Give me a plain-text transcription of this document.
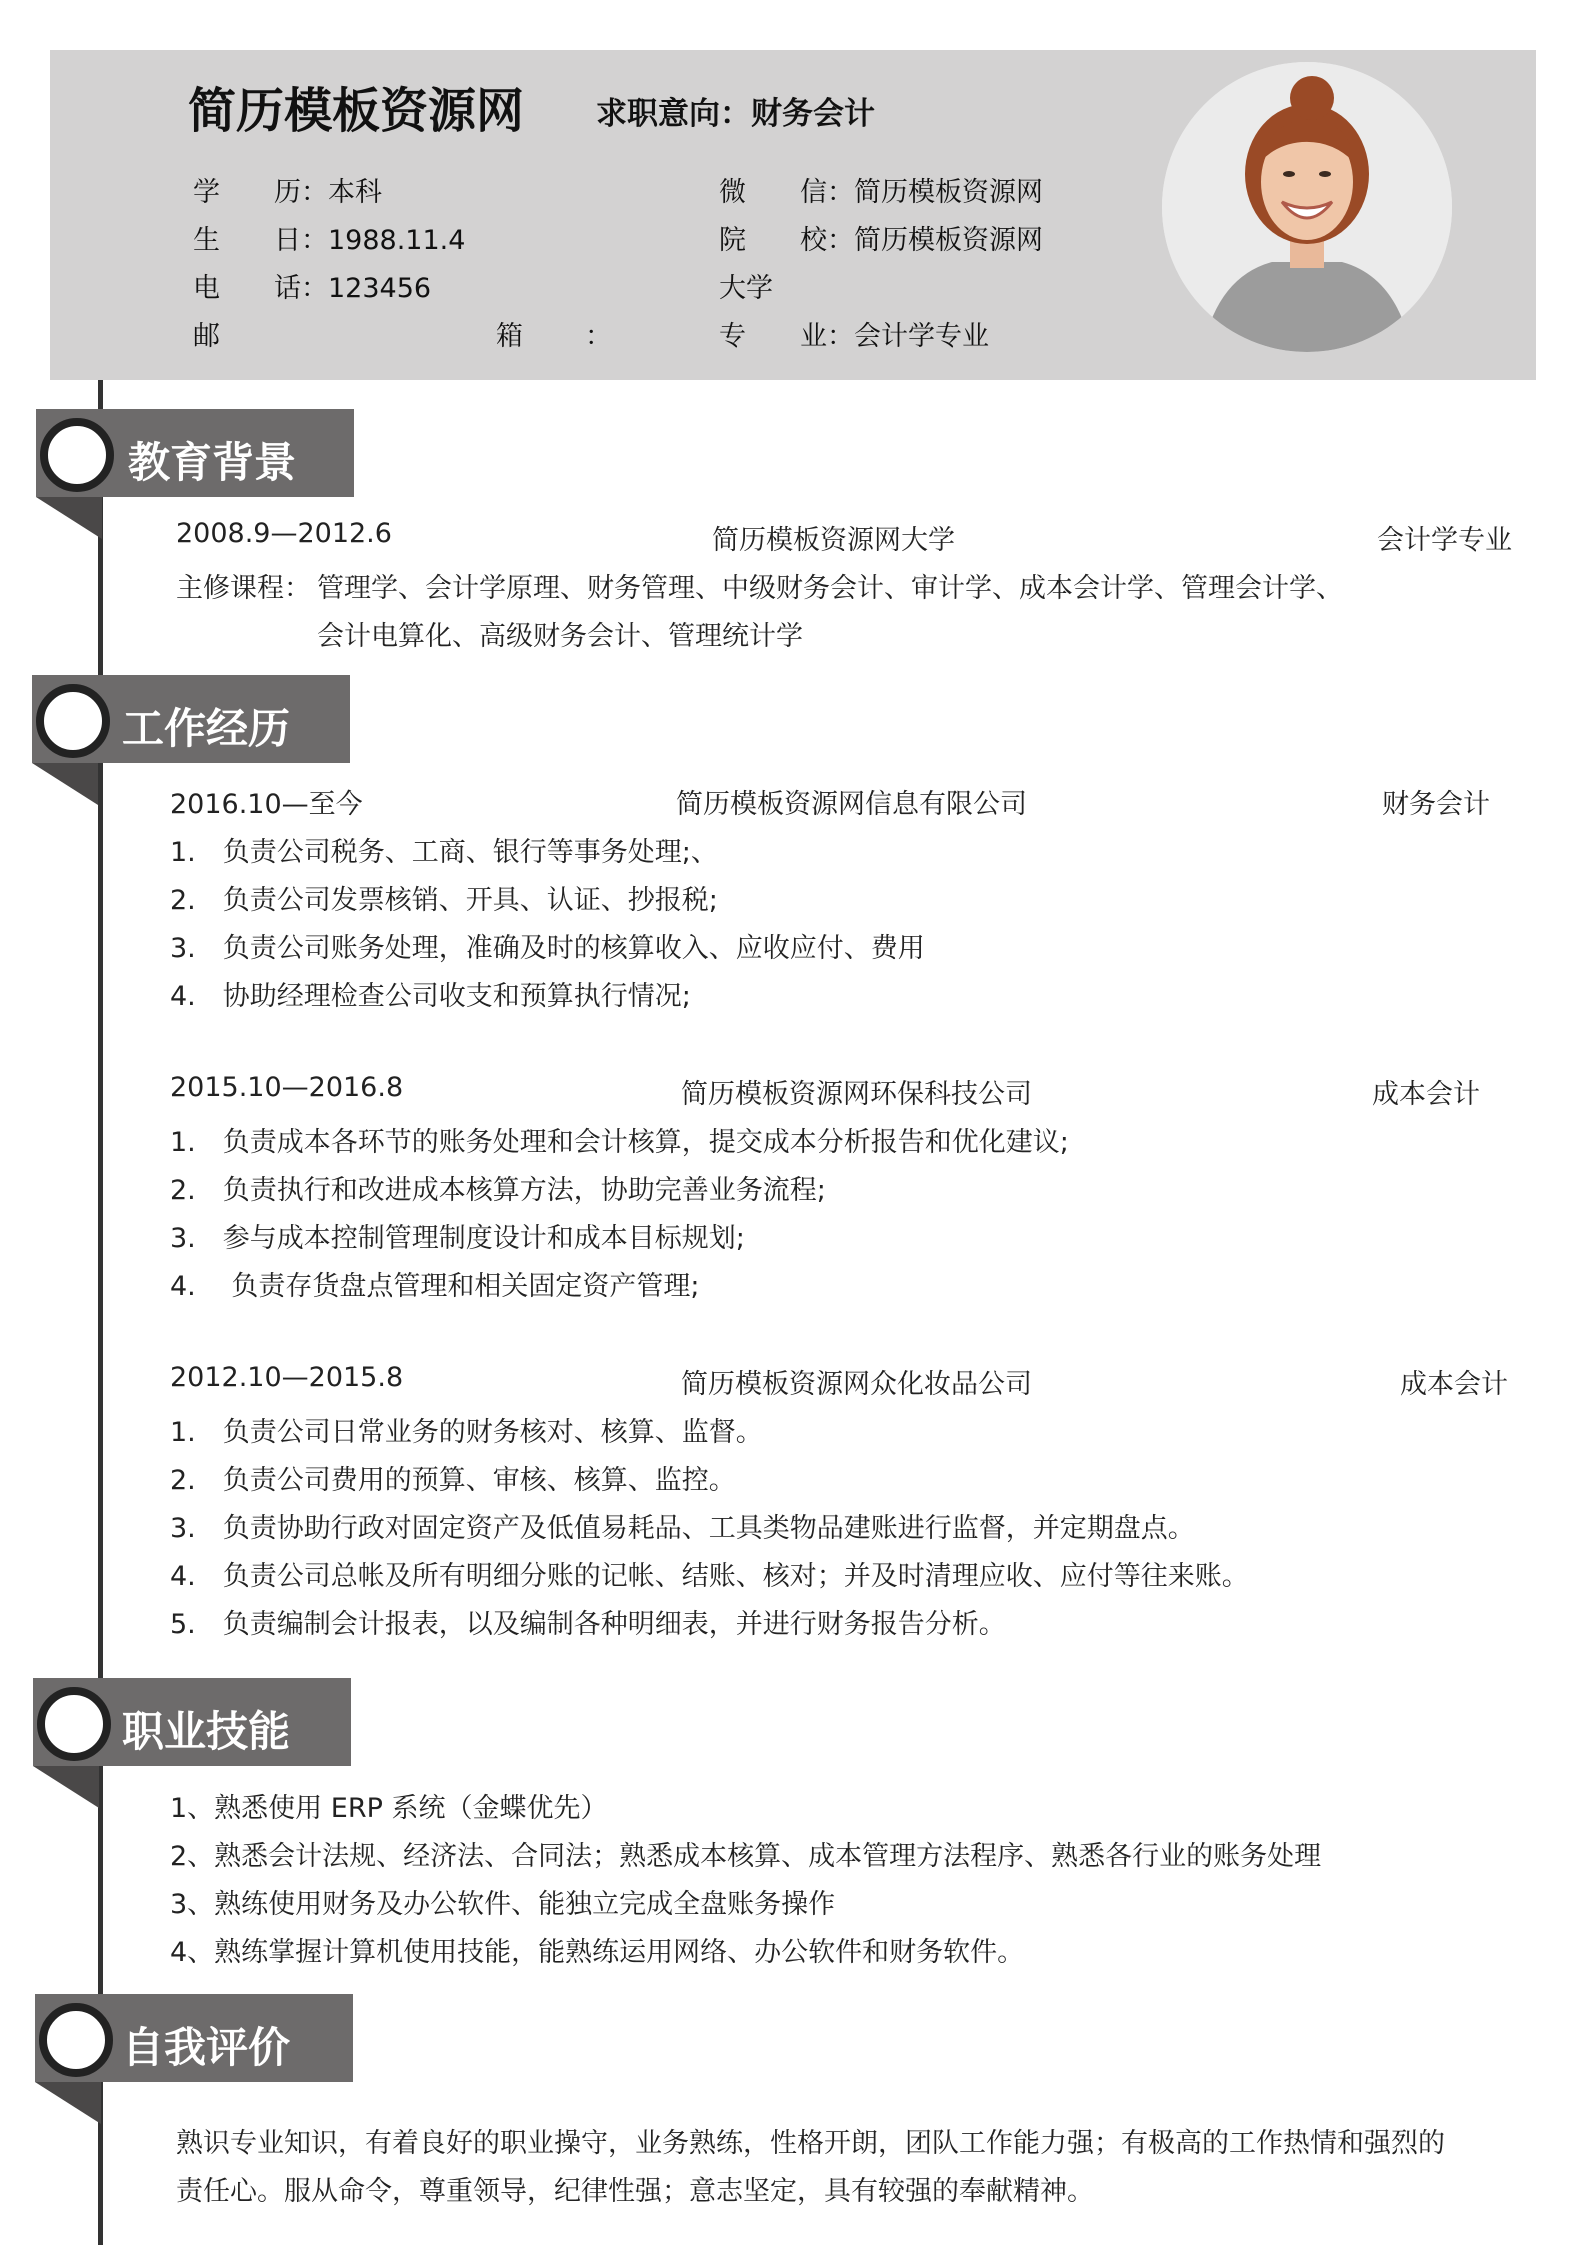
简历模板资源网 求职意向：财务会计
学　　历：本科
生　　日：1988.11.4
电　　话：123456
邮	箱 ：
微　　信：简历模板资源网
院　　校：简历模板资源网
大学
专　　业：会计学专业
教育背景
2008.9—2012.6	简历模板资源网大学	会计学专业
主修课程： 管理学、会计学原理、财务管理、中级财务会计、审计学、成本会计学、管理会计学、
会计电算化、高级财务会计、管理统计学
工作经历
2016.10—至今	简历模板资源网信息有限公司	财务会计
1.　负责公司税务、工商、银行等事务处理;、
2.　负责公司发票核销、开具、认证、抄报税;
3.　负责公司账务处理，准确及时的核算收入、应收应付、费用
4.　协助经理检查公司收支和预算执行情况;
2015.10—2016.8	简历模板资源网环保科技公司	成本会计
1.　负责成本各环节的账务处理和会计核算，提交成本分析报告和优化建议;
2.　负责执行和改进成本核算方法，协助完善业务流程;
3.　参与成本控制管理制度设计和成本目标规划;
4.　 负责存货盘点管理和相关固定资产管理;
2012.10—2015.8	简历模板资源网众化妆品公司	成本会计
1.　负责公司日常业务的财务核对、核算、监督。
2.　负责公司费用的预算、审核、核算、监控。
3.　负责协助行政对固定资产及低值易耗品、工具类物品建账进行监督，并定期盘点。
4.　负责公司总帐及所有明细分账的记帐、结账、核对；并及时清理应收、应付等往来账。
5.　负责编制会计报表，以及编制各种明细表，并进行财务报告分析。
职业技能
1、熟悉使用 ERP 系统（金蝶优先）
2、熟悉会计法规、经济法、合同法；熟悉成本核算、成本管理方法程序、熟悉各行业的账务处理
3、熟练使用财务及办公软件、能独立完成全盘账务操作
4、熟练掌握计算机使用技能，能熟练运用网络、办公软件和财务软件。
自我评价
熟识专业知识，有着良好的职业操守，业务熟练，性格开朗，团队工作能力强；有极高的工作热情和强烈的
责任心。服从命令，尊重领导，纪律性强；意志坚定，具有较强的奉献精神。
